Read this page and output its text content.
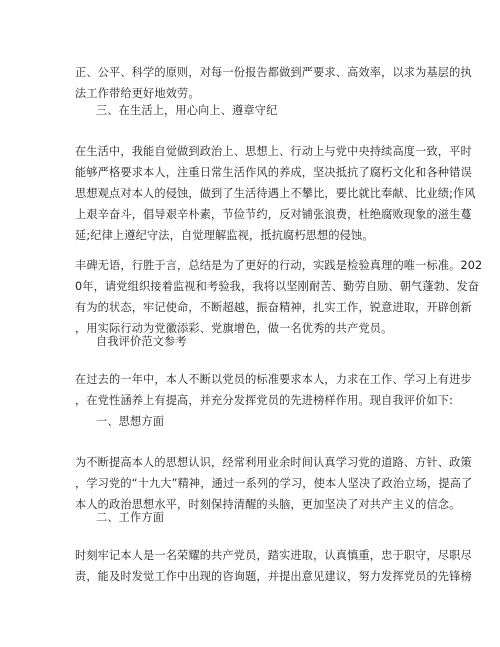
正、公平、科学的原则，对每一份报告都做到严要求、高效率，以求为基层的执
法工作带给更好地效劳。
三、在生活上，用心向上、遵章守纪
在生活中，我能自觉做到政治上、思想上、行动上与党中央持续高度一致，平时
能够严格要求本人，注重日常生活作风的养成，坚决抵抗了腐朽文化和各种错误
思想观点对本人的侵蚀，做到了生活待遇上不攀比，要比就比奉献、比业绩;作风
上艰辛奋斗，倡导艰辛朴素，节俭节约，反对铺张浪费，杜绝腐败现象的滋生蔓
延;纪律上遵纪守法，自觉理解监视，抵抗腐朽思想的侵蚀。
丰碑无语，行胜于言，总结是为了更好的行动，实践是检验真理的唯一标准。202
0年，请党组织接着监视和考验我，我将以坚刚耐苦、勤劳自励、朝气蓬勃、发奋
有为的状态，牢记使命，不断超越，振奋精神，扎实工作，锐意进取，开辟创新
，用实际行动为党徽添彩、党旗增色，做一名优秀的共产党员。
自我评价范文参考
在过去的一年中，本人不断以党员的标准要求本人，力求在工作、学习上有进步
，在党性涵养上有提高，并充分发挥党员的先进榜样作用。现自我评价如下:
一、思想方面
为不断提高本人的思想认识，经常利用业余时间认真学习党的道路、方针、政策
，学习党的“十九大”精神，通过一系列的学习，使本人坚决了政治立场，提高了
本人的政治思想水平，时刻保持清醒的头脑，更加坚决了对共产主义的信念。
二、工作方面
时刻牢记本人是一名荣耀的共产党员，踏实进取，认真慎重，忠于职守，尽职尽
责，能及时发觉工作中出现的咨询题，并提出意见建议，努力发挥党员的先锋榜
